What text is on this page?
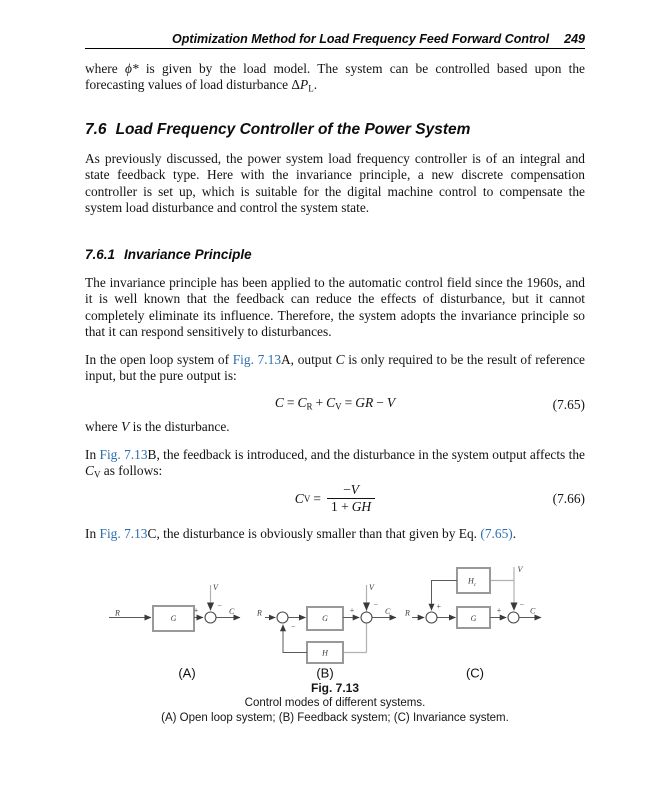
Optimization Method for Load Frequency Feed Forward Control 249

where ϕ* is given by the load model. The system can be controlled based upon the forecasting values of load disturbance $\Delta P_L$.

7.6 Load Frequency Controller of the Power System

As previously discussed, the power system load frequency controller is of an integral and state feedback type. Here with the invariance principle, a new discrete compensation controller is set up, which is suitable for the digital machine control to compensate the system load disturbance and control the system state.

7.6.1 Invariance Principle

The invariance principle has been applied to the automatic control field since the 1960s, and it is well known that the feedback can reduce the effects of disturbance, but it cannot completely eliminate its influence. Therefore, the system adopts the invariance principle so that it can respond sensitively to disturbances.

In the open loop system of Fig. 7.13A, output C is only required to be the result of reference input, but the pure output is:

$C = C_R + C_V$ = GR − V	(7.65)

where V is the disturbance.

In Fig. 7.13B, the feedback is introduced, and the disturbance in the system output affects the $C_V$ as follows:

C $V = \frac{-V}{1 + GH}$	(7.66)

In Fig. 7.13C, the disturbance is obviously smaller than that given by Eq. (7.65).

R
G
+
V
−
C
(A)
R
G
H
+
V
−
C
−
(B)
R
G
$H_c$
+	+
V
−
C
(C)
Fig. 7.13
Control modes of different systems.
(A) Open loop system; (B) Feedback system; (C) Invariance system.
